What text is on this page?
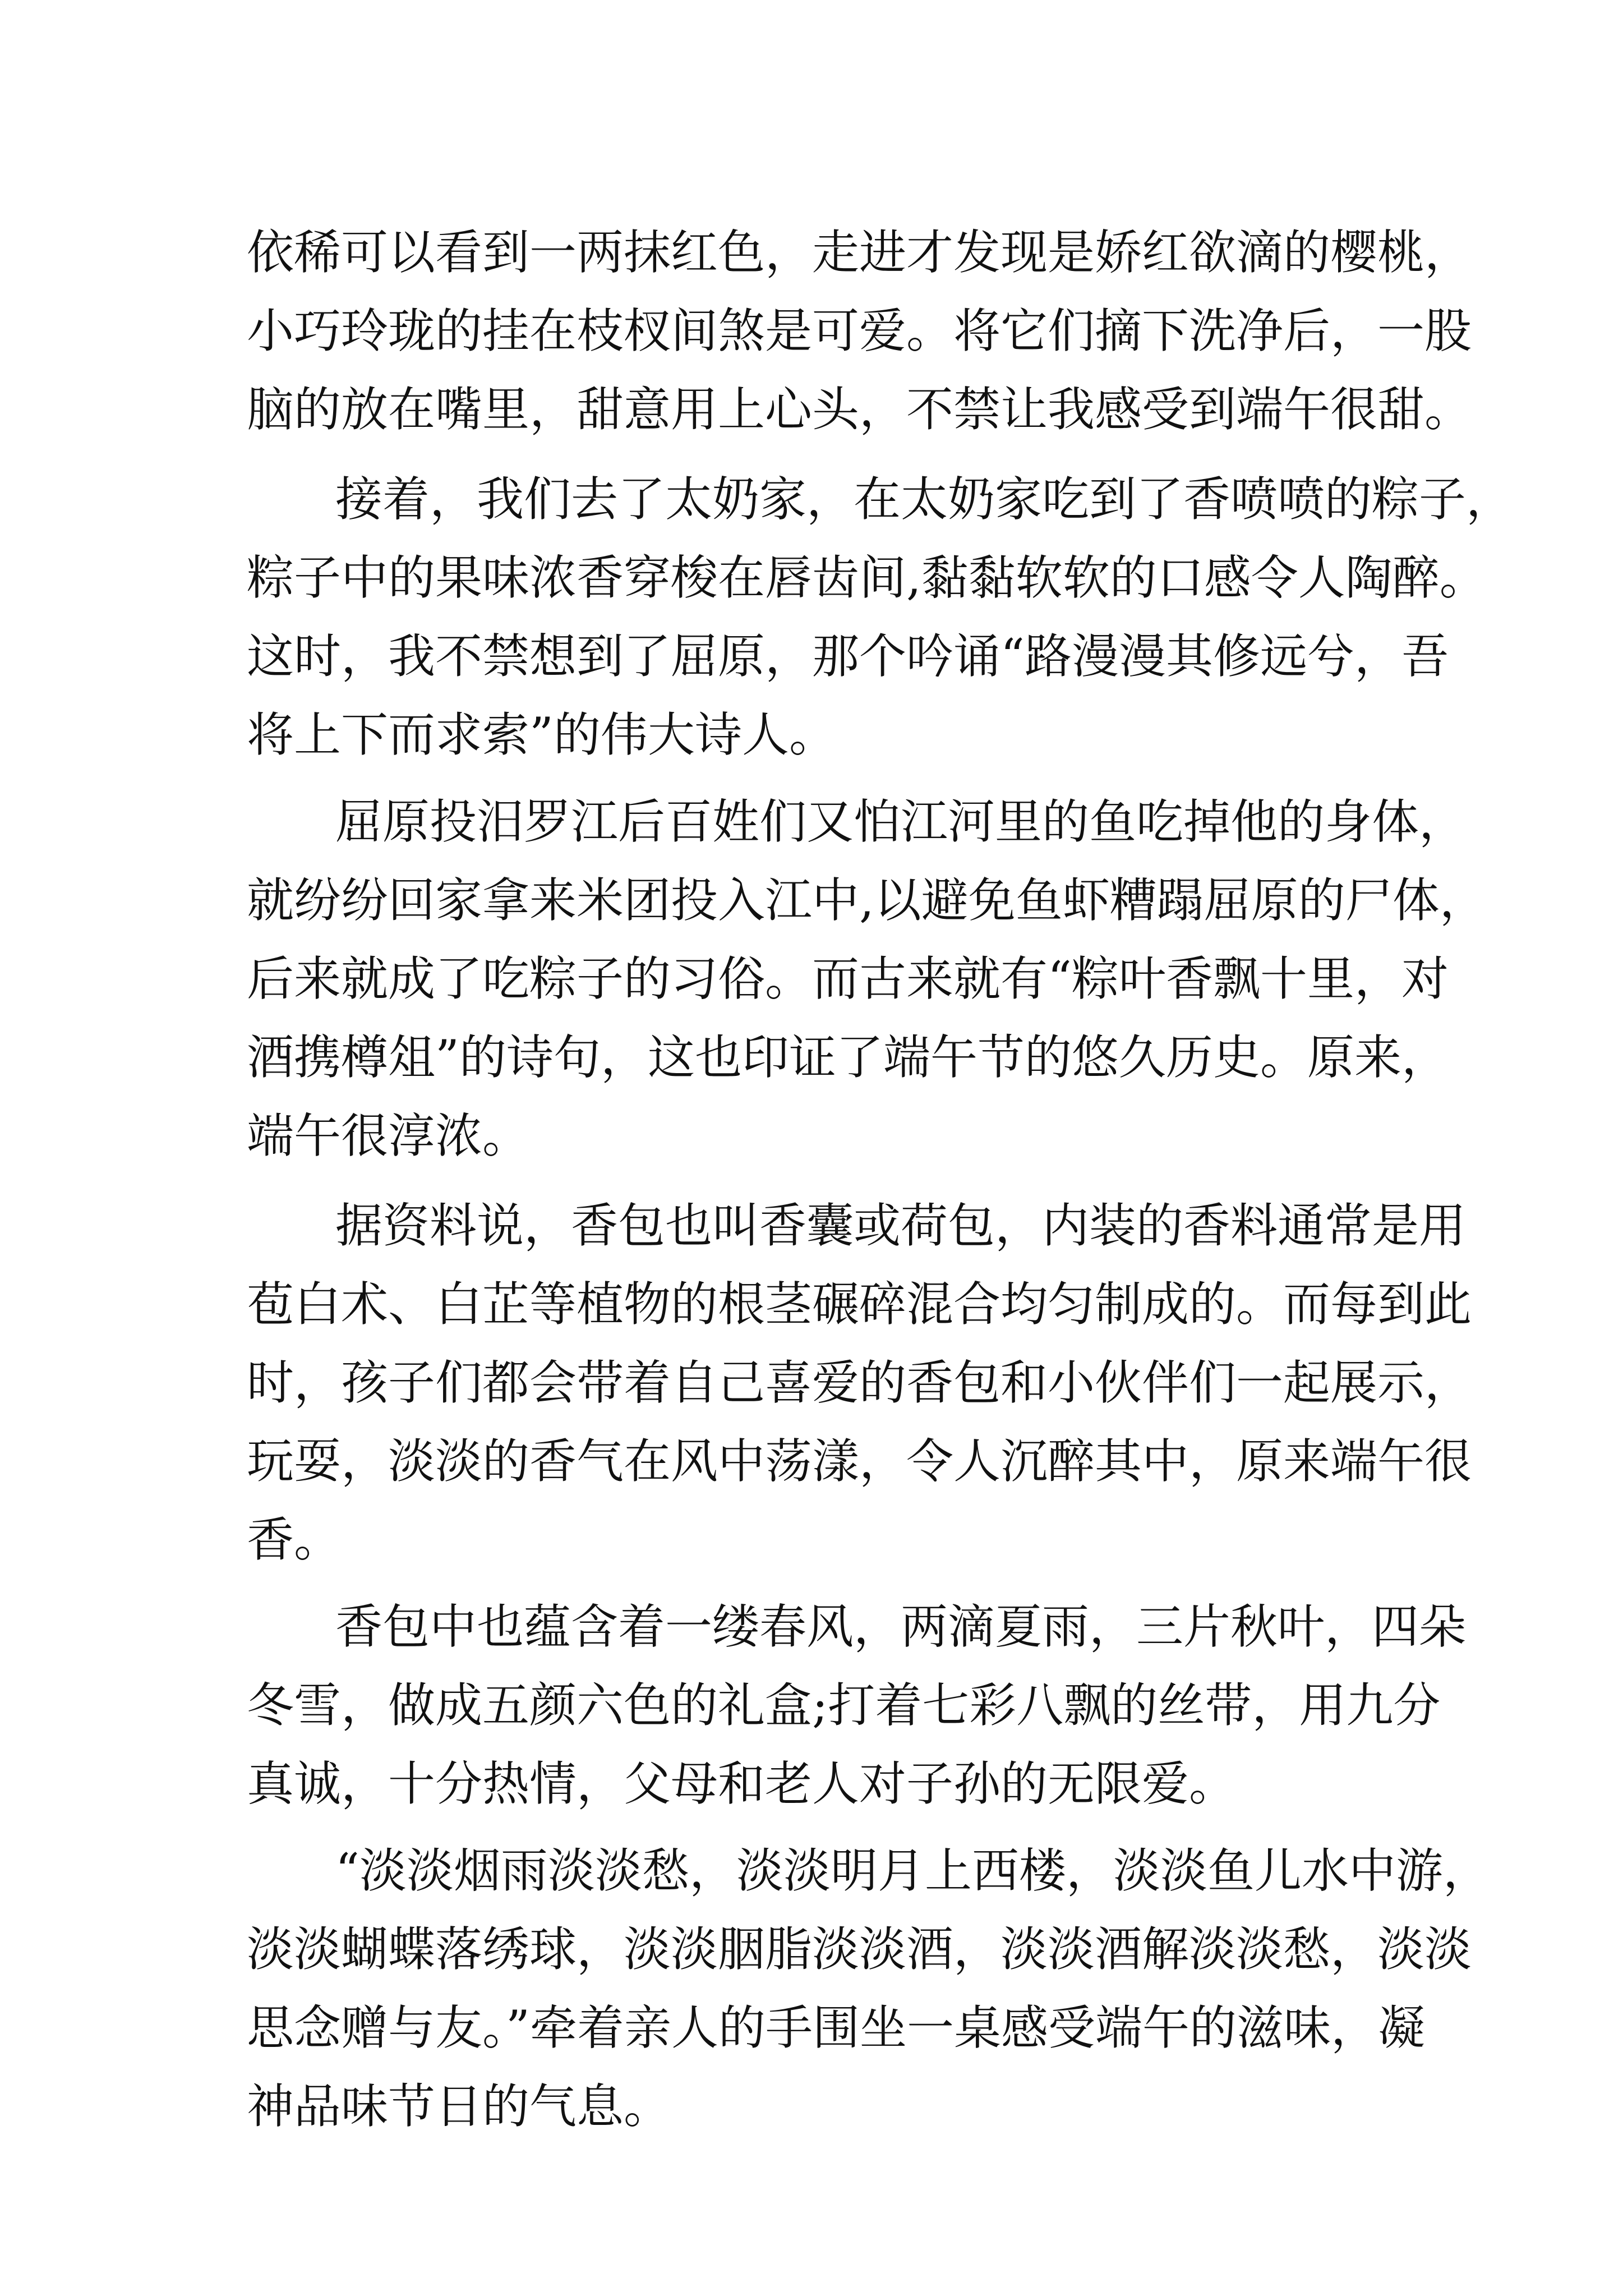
依稀可以看到一两抹红色，走进才发现是娇红欲滴的樱桃，
小巧玲珑的挂在枝杈间煞是可爱。将它们摘下洗净后，一股
脑的放在嘴里，甜意用上心头，不禁让我感受到端午很甜。
接着，我们去了太奶家，在太奶家吃到了香喷喷的粽子，
粽子中的果味浓香穿梭在唇齿间,黏黏软软的口感令人陶醉。
这时，我不禁想到了屈原，那个吟诵“路漫漫其修远兮，吾
将上下而求索”的伟大诗人。
屈原投汨罗江后百姓们又怕江河里的鱼吃掉他的身体，
就纷纷回家拿来米团投入江中,以避免鱼虾糟蹋屈原的尸体，
后来就成了吃粽子的习俗。而古来就有“粽叶香飘十里，对
酒携樽俎”的诗句，这也印证了端午节的悠久历史。原来，
端午很淳浓。
据资料说，香包也叫香囊或荷包，内装的香料通常是用
苞白术、白芷等植物的根茎碾碎混合均匀制成的。而每到此
时，孩子们都会带着自己喜爱的香包和小伙伴们一起展示，
玩耍，淡淡的香气在风中荡漾，令人沉醉其中，原来端午很
香。
香包中也蕴含着一缕春风，两滴夏雨，三片秋叶，四朵
冬雪，做成五颜六色的礼盒;打着七彩八飘的丝带，用九分
真诚，十分热情，父母和老人对子孙的无限爱。
“淡淡烟雨淡淡愁，淡淡明月上西楼，淡淡鱼儿水中游，
淡淡蝴蝶落绣球，淡淡胭脂淡淡酒，淡淡酒解淡淡愁，淡淡
思念赠与友。”牵着亲人的手围坐一桌感受端午的滋味，凝
神品味节日的气息。
